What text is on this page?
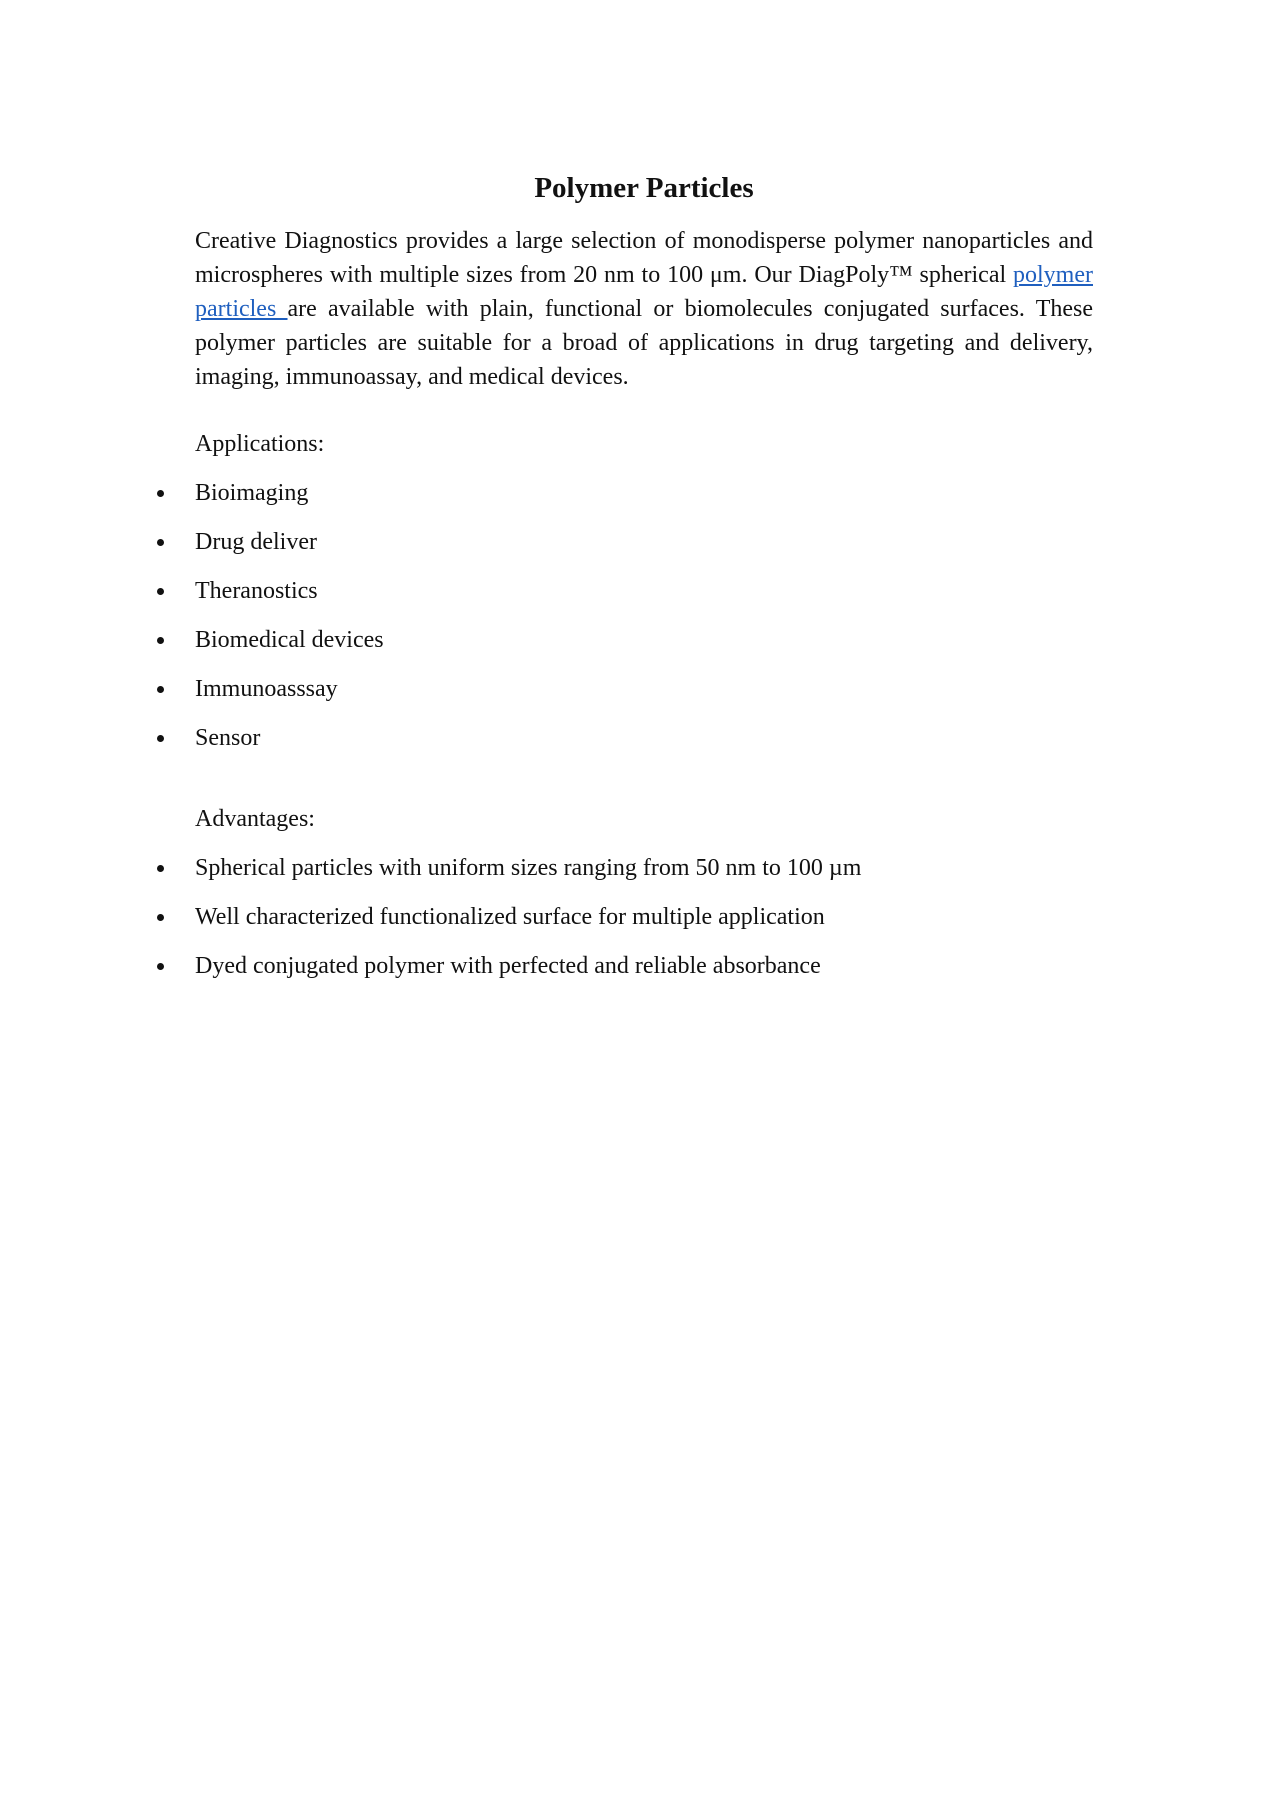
Polymer Particles

Creative Diagnostics provides a large selection of monodisperse polymer nanoparticles and microspheres with multiple sizes from 20 nm to 100 μm. Our DiagPoly™ spherical polymer particles are available with plain, functional or biomolecules conjugated surfaces. These polymer particles are suitable for a broad of applications in drug targeting and delivery, imaging, immunoassay, and medical devices.

Applications:

Bioimaging
Drug deliver
Theranostics
Biomedical devices
Immunoasssay
Sensor

Advantages:

Spherical particles with uniform sizes ranging from 50 nm to 100 µm
Well characterized functionalized surface for multiple application
Dyed conjugated polymer with perfected and reliable absorbance
